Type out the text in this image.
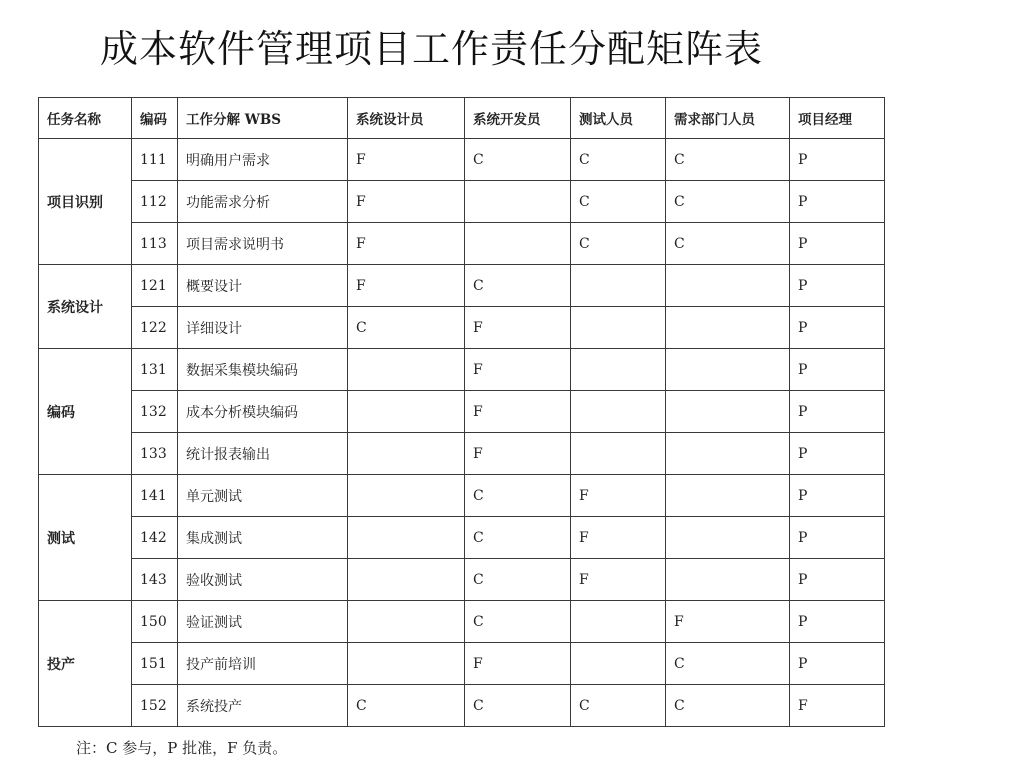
成本软件管理项目工作责任分配矩阵表
任务名称	编码	工作分解 WBS	系统设计员	系统开发员	测试人员	需求部门人员	项目经理
项目识别	111	明确用户需求	F	C	C	C	P
	112	功能需求分析	F		C	C	P
	113	项目需求说明书	F		C	C	P
系统设计	121	概要设计	F	C			P
	122	详细设计	C	F			P
编码	131	数据采集模块编码		F			P
	132	成本分析模块编码		F			P
	133	统计报表输出		F			P
测试	141	单元测试		C	F		P
	142	集成测试		C	F		P
	143	验收测试		C	F		P
投产	150	验证测试		C		F	P
	151	投产前培训		F		C	P
	152	系统投产	C	C	C	C	F
注：C 参与，P 批准，F 负责。
